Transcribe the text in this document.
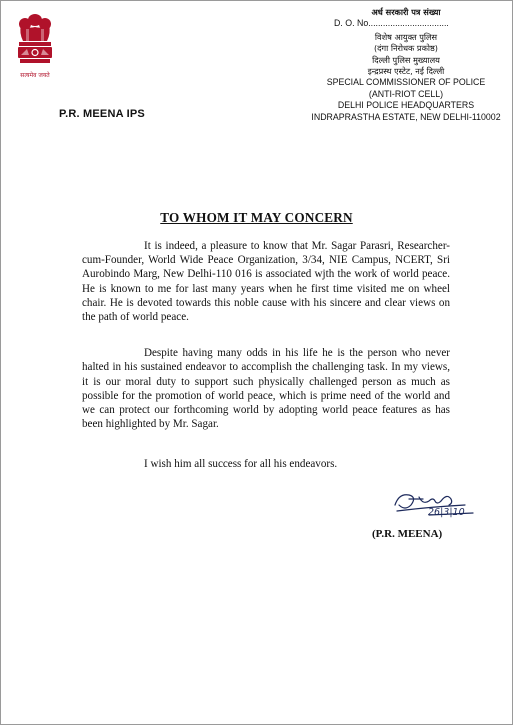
सत्यमेव जयते
P.R. MEENA IPS
अर्ध सरकारी पत्र संख्या
D. O. No.................................
विशेष आयुक्त पुलिस
(दंगा निरोधक प्रकोष्ठ)
दिल्ली पुलिस मुख्यालय
इन्द्रप्रस्थ एस्टेट, नई दिल्ली
SPECIAL COMMISSIONER OF POLICE
(ANTI-RIOT CELL)
DELHI POLICE HEADQUARTERS
INDRAPRASTHA ESTATE, NEW DELHI-110002
TO WHOM IT MAY CONCERN

It is indeed, a pleasure to know that Mr. Sagar Parasri, Researcher-cum-Founder, World Wide Peace Organization, 3/34, NIE Campus, NCERT, Sri Aurobindo Marg, New Delhi-110 016 is associated wjth the work of world peace. He is known to me for last many years when he first time visited me on wheel chair. He is devoted towards this noble cause with his sincere and clear views on the path of world peace.

Despite having many odds in his life he is the person who never halted in his sustained endeavor to accomplish the challenging task. In my views, it is our moral duty to support such physically challenged person as much as possible for the promotion of world peace, which is prime need of the world and we can protect our forthcoming world by adopting world peace features as has been highlighted by Mr. Sagar.

I wish him all success for all his endeavors.

26|3|10
(P.R. MEENA)
